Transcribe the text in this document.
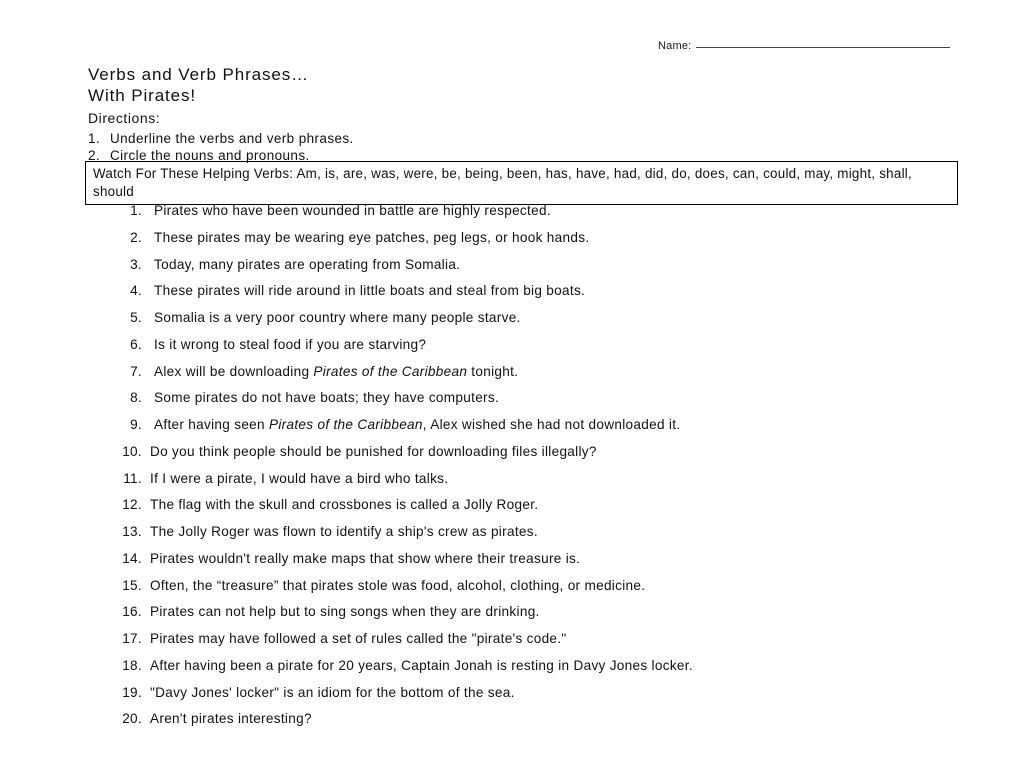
Name:
Verbs and Verb Phrases…
With Pirates!
Directions:
1. Underline the verbs and verb phrases.
2. Circle the nouns and pronouns.
Watch For These Helping Verbs: Am, is, are, was, were, be, being, been, has, have, had, did, do, does, can, could, may, might, shall, should
1. Pirates who have been wounded in battle are highly respected.
2. These pirates may be wearing eye patches, peg legs, or hook hands.
3. Today, many pirates are operating from Somalia.
4. These pirates will ride around in little boats and steal from big boats.
5. Somalia is a very poor country where many people starve.
6. Is it wrong to steal food if you are starving?
7. Alex will be downloading Pirates of the Caribbean tonight.
8. Some pirates do not have boats; they have computers.
9. After having seen Pirates of the Caribbean, Alex wished she had not downloaded it.
10. Do you think people should be punished for downloading files illegally?
11. If I were a pirate, I would have a bird who talks.
12. The flag with the skull and crossbones is called a Jolly Roger.
13. The Jolly Roger was flown to identify a ship's crew as pirates.
14. Pirates wouldn't really make maps that show where their treasure is.
15. Often, the “treasure” that pirates stole was food, alcohol, clothing, or medicine.
16. Pirates can not help but to sing songs when they are drinking.
17. Pirates may have followed a set of rules called the "pirate's code."
18. After having been a pirate for 20 years, Captain Jonah is resting in Davy Jones locker.
19. "Davy Jones' locker" is an idiom for the bottom of the sea.
20. Aren't pirates interesting?
